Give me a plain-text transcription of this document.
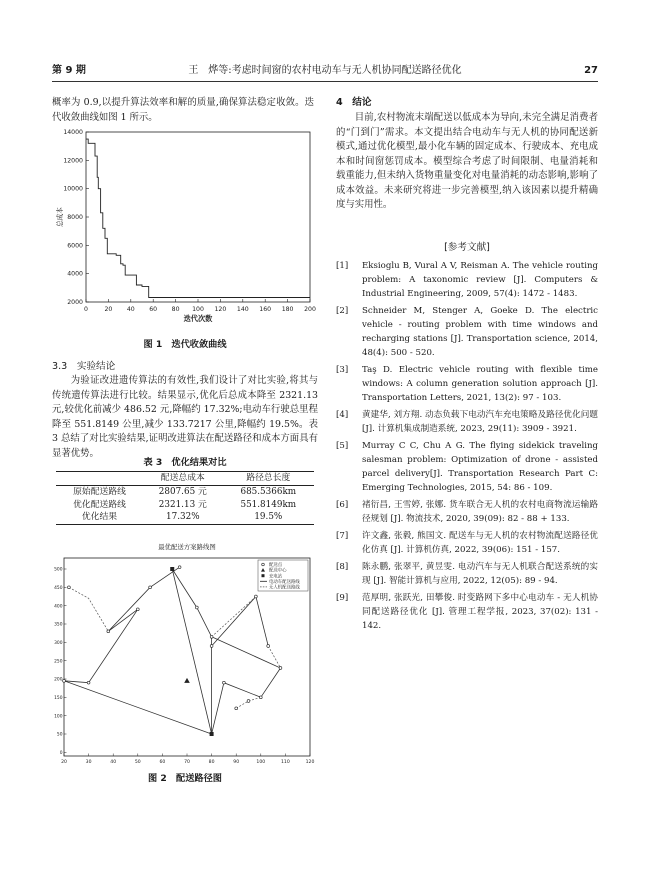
第 9 期	王　烨等:考虑时间窗的农村电动车与无人机协同配送路径优化	27

概率为 0.9,以提升算法效率和解的质量,确保算法稳定收敛。迭代收敛曲线如图 1 所示。

0	20 40 60 80 100 120 140 160 180 200
2000
4000
6000
8000
10000
12000
14000
迭代次数
总成本
图 1　迭代收敛曲线
3.3　实验结论

为验证改进遗传算法的有效性,我们设计了对比实验,将其与传统遗传算法进行比较。结果显示,优化后总成本降至 2321.13 元,较优化前减少 486.52 元,降幅约 17.32%;电动车行驶总里程降至 551.8149 公里,减少 133.7217 公里,降幅约 19.5%。表 3 总结了对比实验结果,证明改进算法在配送路径和成本方面具有显著优势。

表 3　优化结果对比
	配送总成本	路径总长度
原始配送路线	2807.65 元	685.5366km
优化配送路线	2321.13 元	551.8149km
优化结果	17.32%	19.5%
最优配送方案路线图
20	30	40	50	60	70	80	90	100	110	120
0
50
100
150
200
250
300
350
400
450
500
配送点
配送中心
充电站
电动车配送路线
无人机配送路线
图 2　配送路径图
4　结论

目前,农村物流末端配送以低成本为导向,未完全满足消费者的“门到门”需求。本文提出结合电动车与无人机的协同配送新模式,通过优化模型,最小化车辆的固定成本、行驶成本、充电成本和时间窗惩罚成本。模型综合考虑了时间限制、电量消耗和载重能力,但未纳入货物重量变化对电量消耗的动态影响,影响了成本效益。未来研究将进一步完善模型,纳入该因素以提升精确度与实用性。

[参考文献]
[1] Eksioglu B, Vural A V, Reisman A. The vehicle routing problem: A taxonomic review [J]. Computers & Industrial Engineering, 2009, 57(4): 1472 - 1483.
[2] Schneider M, Stenger A, Goeke D. The electric vehicle - routing problem with time windows and recharging stations [J]. Transportation science, 2014, 48(4): 500 - 520.
[3] Taş D. Electric vehicle routing with flexible time windows: A column generation solution approach [J]. Transportation Letters, 2021, 13(2): 97 - 103.
[4] 黄建华, 刘方翔. 动态负载下电动汽车充电策略及路径优化问题[J]. 计算机集成制造系统, 2023, 29(11): 3909 - 3921.
[5] Murray C C, Chu A G. The flying sidekick traveling salesman problem: Optimization of drone - assisted parcel delivery[J]. Transportation Research Part C: Emerging Technologies, 2015, 54: 86 - 109.
[6] 褚衍昌, 王雪婷, 张娜. 货车联合无人机的农村电商物流运输路径规划 [J]. 物流技术, 2020, 39(09): 82 - 88 + 133.
[7] 许文鑫, 张毅, 熊国文. 配送车与无人机的农村物流配送路径优化仿真 [J]. 计算机仿真, 2022, 39(06): 151 - 157.
[8] 陈永鹏, 张翠平, 黄昱雯. 电动汽车与无人机联合配送系统的实现 [J]. 智能计算机与应用, 2022, 12(05): 89 - 94.
[9] 范厚明, 张跃光, 田攀俊. 时变路网下多中心电动车 - 无人机协同配送路径优化 [J]. 管理工程学报, 2023, 37(02): 131 - 142.
